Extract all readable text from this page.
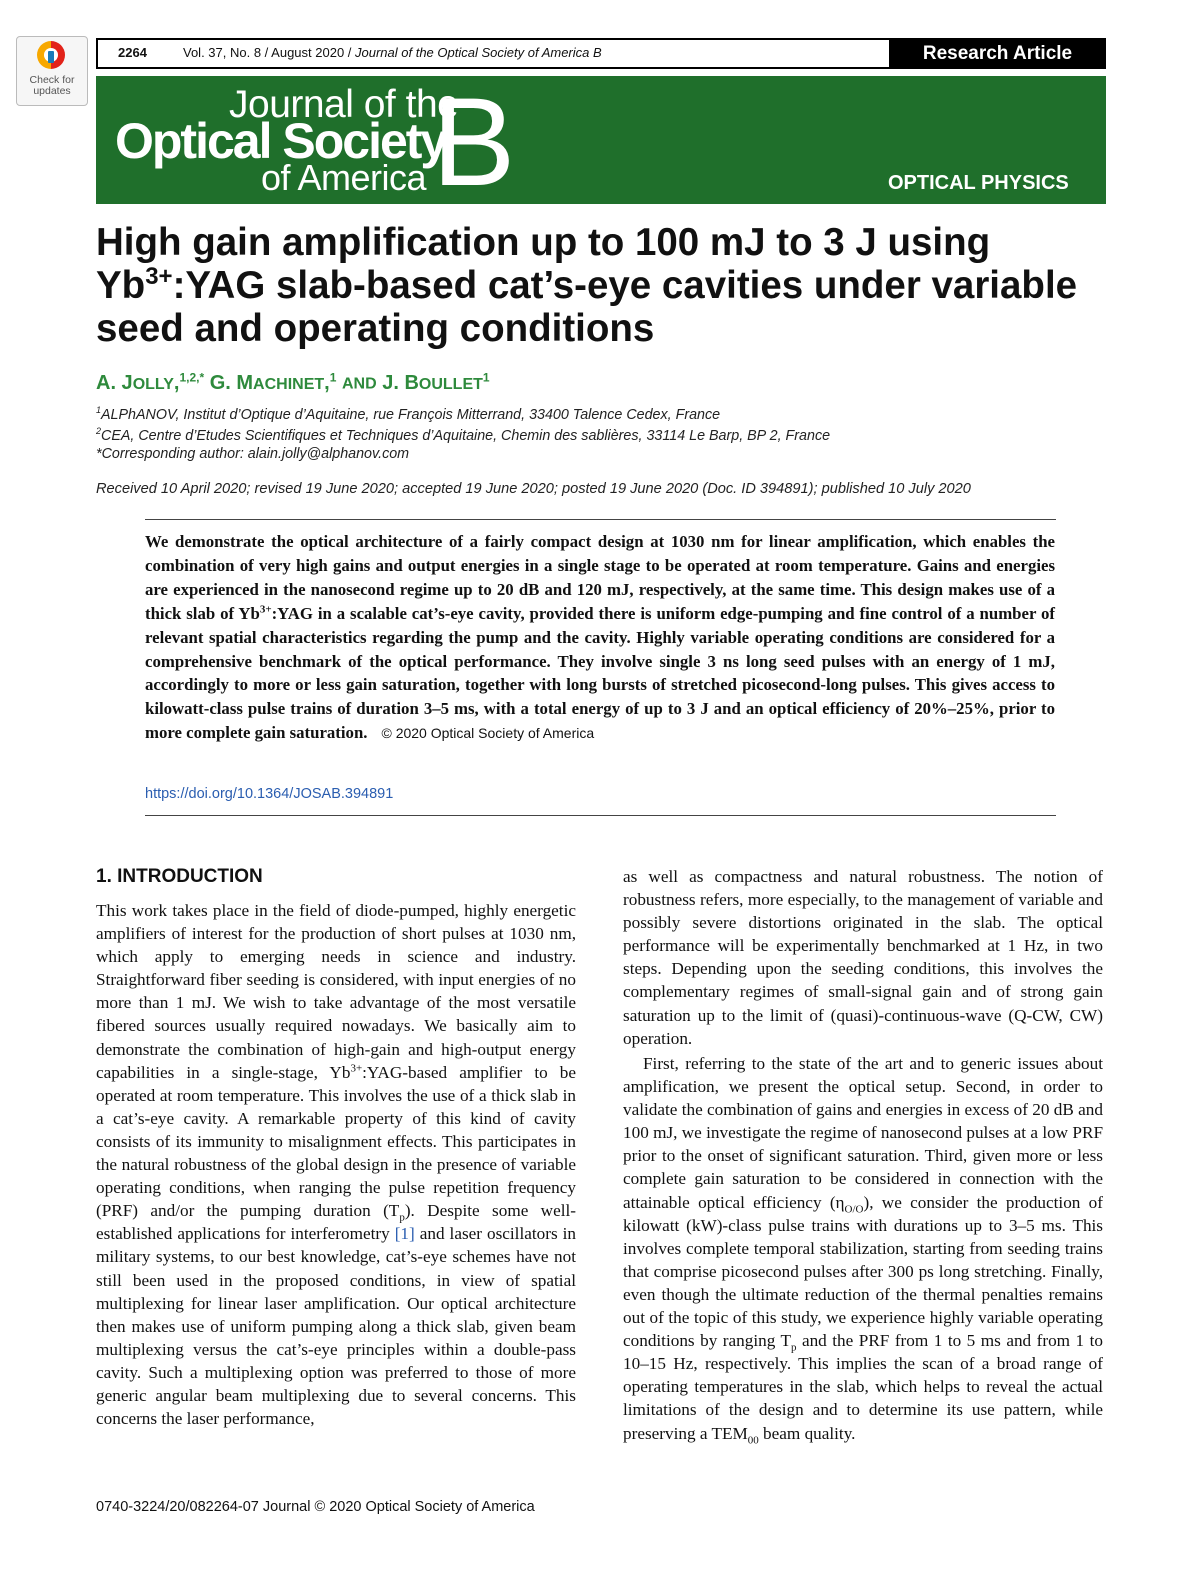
Check for
updates
2264	Vol. 37, No. 8 / August 2020 / Journal of the Optical Society of America B	Research Article
Journal of the
Optical Society
of America B	OPTICAL PHYSICS
High gain amplification up to 100 mJ to 3 J using $Yb^{3+}:YAG$ slab-based cat’s-eye cavities under variable seed and operating conditions
A. JOLLY,$^{1,2,*}$ G. MACHINET,$^1$ AND J. BOULLET$^1$
$^1$ALPhANOV, Institut d’Optique d’Aquitaine, rue François Mitterrand, 33400 Talence Cedex, France
$^2$CEA, Centre d’Etudes Scientifiques et Techniques d’Aquitaine, Chemin des sablières, 33114 Le Barp, BP 2, France
*Corresponding author: alain.jolly@alphanov.com
Received 10 April 2020; revised 19 June 2020; accepted 19 June 2020; posted 19 June 2020 (Doc. ID 394891); published 10 July 2020

We demonstrate the optical architecture of a fairly compact design at 1030 nm for linear amplification, which enables the combination of very high gains and output energies in a single stage to be operated at room temperature. Gains and energies are experienced in the nanosecond regime up to 20 dB and 120 mJ, respectively, at the same time. This design makes use of a thick slab of $Yb^{3+}:YAG$ in a scalable cat’s-eye cavity, provided there is uniform edge-pumping and fine control of a number of relevant spatial characteristics regarding the pump and the cavity. Highly variable operating conditions are considered for a comprehensive benchmark of the optical performance. They involve single 3 ns long seed pulses with an energy of 1 mJ, accordingly to more or less gain saturation, together with long bursts of stretched picosecond-long pulses. This gives access to kilowatt-class pulse trains of duration 3–5 ms, with a total energy of up to 3 J and an optical efficiency of 20%–25%, prior to more complete gain saturation. © 2020 Optical Society of America

https://doi.org/10.1364/JOSAB.394891
1. INTRODUCTION

This work takes place in the field of diode-pumped, highly energetic amplifiers of interest for the production of short pulses at 1030 nm, which apply to emerging needs in science and industry. Straightforward fiber seeding is considered, with input energies of no more than 1 mJ. We wish to take advantage of the most versatile fibered sources usually required nowadays. We basically aim to demonstrate the combination of high-gain and high-output energy capabilities in a single-stage, $Yb^{3+}:YAG$-based amplifier to be operated at room temperature. This involves the use of a thick slab in a cat’s-eye cavity. A remarkable property of this kind of cavity consists of its immunity to misalignment effects. This participates in the natural robustness of the global design in the presence of variable operating conditions, when ranging the pulse repetition frequency (PRF) and/or the pumping duration $(T_p)$. Despite some well-established applications for interferometry [1] and laser oscillators in military systems, to our best knowledge, cat’s-eye schemes have not still been used in the proposed conditions, in view of spatial multiplexing for linear laser amplification. Our optical architecture then makes use of uniform pumping along a thick slab, given beam multiplexing versus the cat’s-eye principles within a double-pass cavity. Such a multiplexing option was preferred to those of more generic angular beam multiplexing due to several concerns. This concerns the laser performance,

as well as compactness and natural robustness. The notion of robustness refers, more especially, to the management of variable and possibly severe distortions originated in the slab. The optical performance will be experimentally benchmarked at 1 Hz, in two steps. Depending upon the seeding conditions, this involves the complementary regimes of small-signal gain and of strong gain saturation up to the limit of (quasi)-continuous-wave (Q-CW, CW) operation.

First, referring to the state of the art and to generic issues about amplification, we present the optical setup. Second, in order to validate the combination of gains and energies in excess of 20 dB and 100 mJ, we investigate the regime of nanosecond pulses at a low PRF prior to the onset of significant saturation. Third, given more or less complete gain saturation to be considered in connection with the attainable optical efficiency $(\eta_{O/O})$, we consider the production of kilowatt (kW)-class pulse trains with durations up to 3–5 ms. This involves complete temporal stabilization, starting from seeding trains that comprise picosecond pulses after 300 ps long stretching. Finally, even though the ultimate reduction of the thermal penalties remains out of the topic of this study, we experience highly variable operating conditions by ranging $T_p$ and the PRF from 1 to 5 ms and from 1 to 10–15 Hz, respectively. This implies the scan of a broad range of operating temperatures in the slab, which helps to reveal the actual limitations of the design and to determine its use pattern, while preserving a $TEM_{00}$ beam quality.

0740-3224/20/082264-07 Journal © 2020 Optical Society of America
